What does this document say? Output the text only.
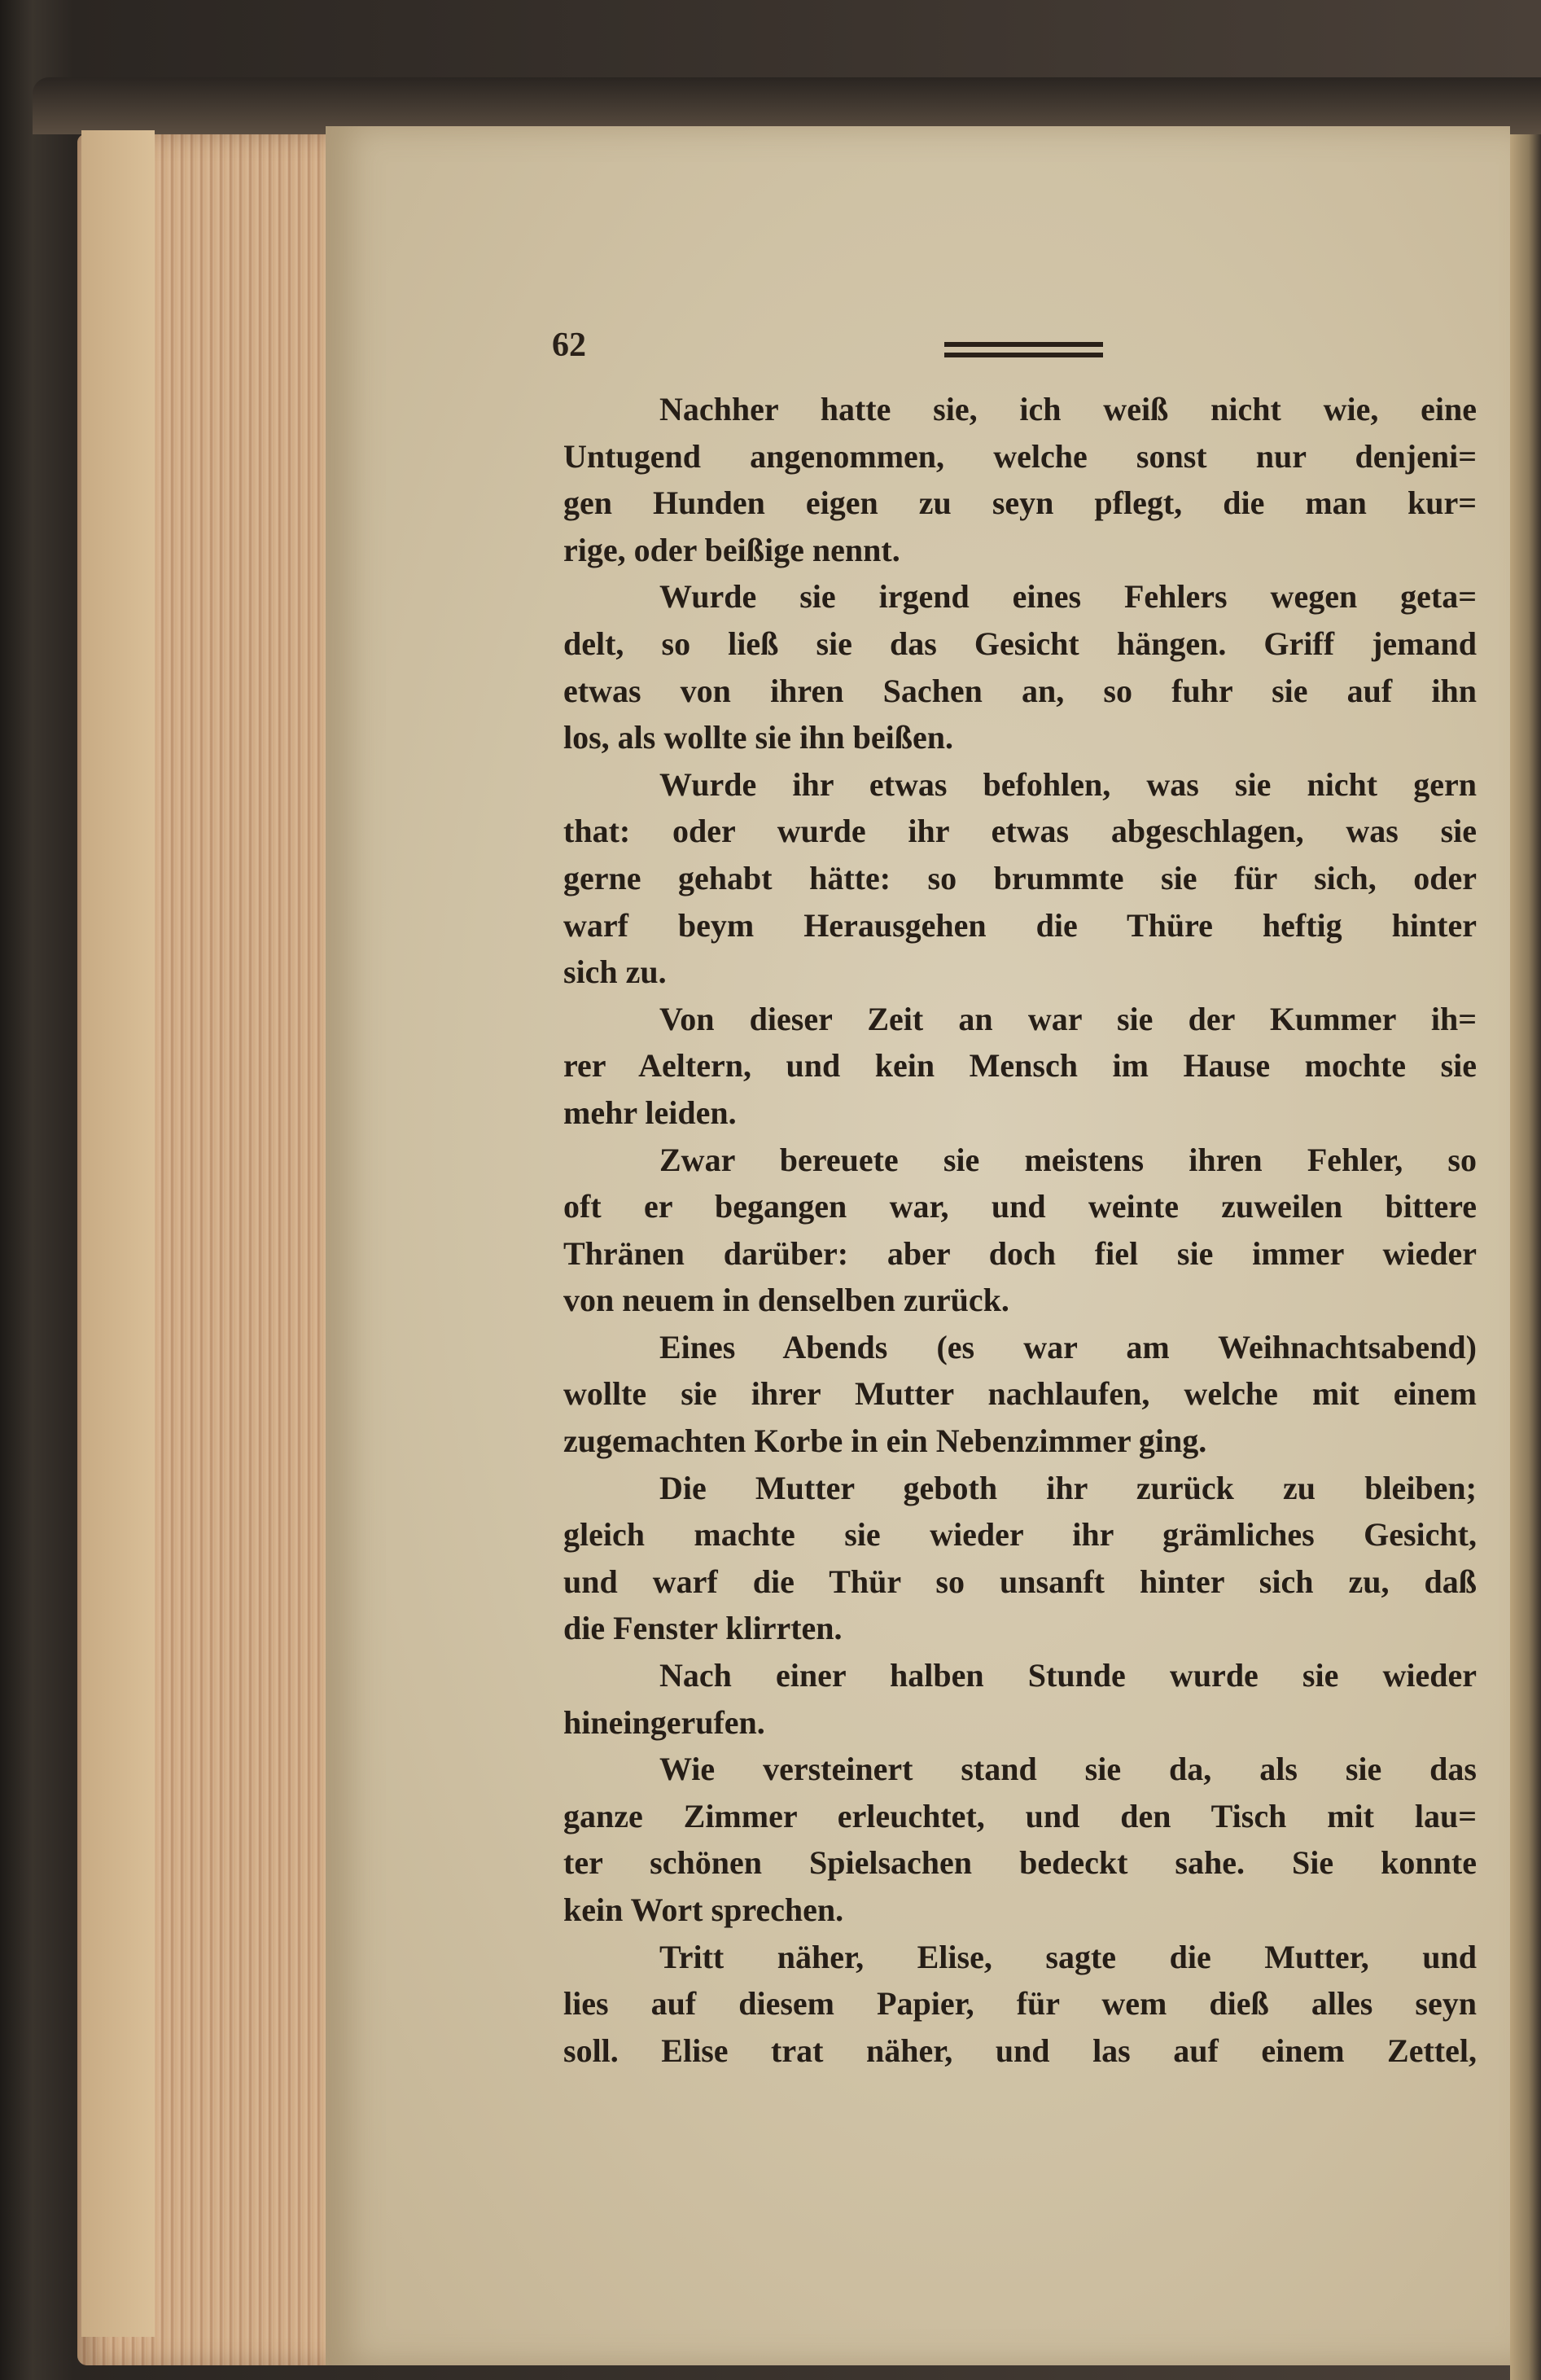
62
Nachher hatte sie, ich weiß nicht wie, eine
Untugend angenommen, welche sonst nur denjeni=
gen Hunden eigen zu seyn pflegt, die man kur=
rige, oder beißige nennt.
Wurde sie irgend eines Fehlers wegen geta=
delt, so ließ sie das Gesicht hängen. Griff jemand
etwas von ihren Sachen an, so fuhr sie auf ihn
los, als wollte sie ihn beißen.
Wurde ihr etwas befohlen, was sie nicht gern
that: oder wurde ihr etwas abgeschlagen, was sie
gerne gehabt hätte: so brummte sie für sich, oder
warf beym Herausgehen die Thüre heftig hinter
sich zu.
Von dieser Zeit an war sie der Kummer ih=
rer Aeltern, und kein Mensch im Hause mochte sie
mehr leiden.
Zwar bereuete sie meistens ihren Fehler, so
oft er begangen war, und weinte zuweilen bittere
Thränen darüber: aber doch fiel sie immer wieder
von neuem in denselben zurück.
Eines Abends (es war am Weihnachtsabend)
wollte sie ihrer Mutter nachlaufen, welche mit einem
zugemachten Korbe in ein Nebenzimmer ging.
Die Mutter geboth ihr zurück zu bleiben;
gleich machte sie wieder ihr grämliches Gesicht,
und warf die Thür so unsanft hinter sich zu, daß
die Fenster klirrten.
Nach einer halben Stunde wurde sie wieder
hineingerufen.
Wie versteinert stand sie da, als sie das
ganze Zimmer erleuchtet, und den Tisch mit lau=
ter schönen Spielsachen bedeckt sahe. Sie konnte
kein Wort sprechen.
Tritt näher, Elise, sagte die Mutter, und
lies auf diesem Papier, für wem dieß alles seyn
soll. Elise trat näher, und las auf einem Zettel,
